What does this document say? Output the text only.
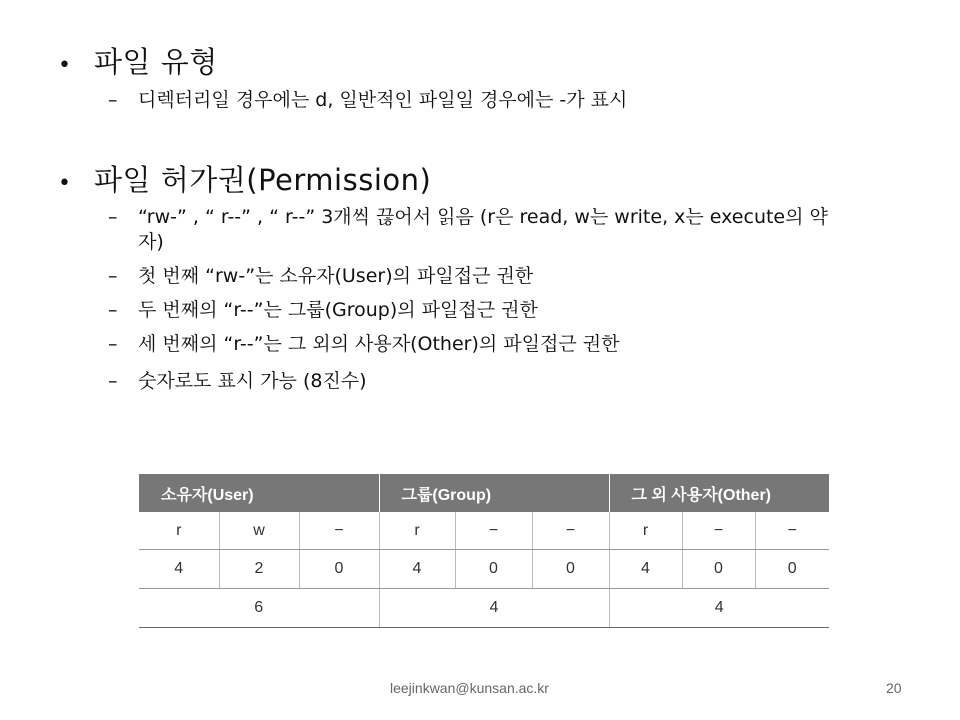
• 파일 유형
–	디렉터리일 경우에는 d, 일반적인 파일일 경우에는 -가 표시
• 파일 허가권(Permission)
–	“rw-” , “ r--” , “ r--” 3개씩 끊어서 읽음 (r은 read, w는 write, x는 execute의 약자)
–	첫 번째 “rw-”는 소유자(User)의 파일접근 권한
–	두 번째의 “r--”는 그룹(Group)의 파일접근 권한
–	세 번째의 “r--”는 그 외의 사용자(Other)의 파일접근 권한
–	숫자로도 표시 가능 (8진수)
소유자(User)			그룹(Group)			그 외 사용자(Other)		
r	w	−	r	−	−	r	−	−
4	2	0	4	0	0	4	0	0
6			4			4		
leejinkwan@kunsan.ac.kr	20
